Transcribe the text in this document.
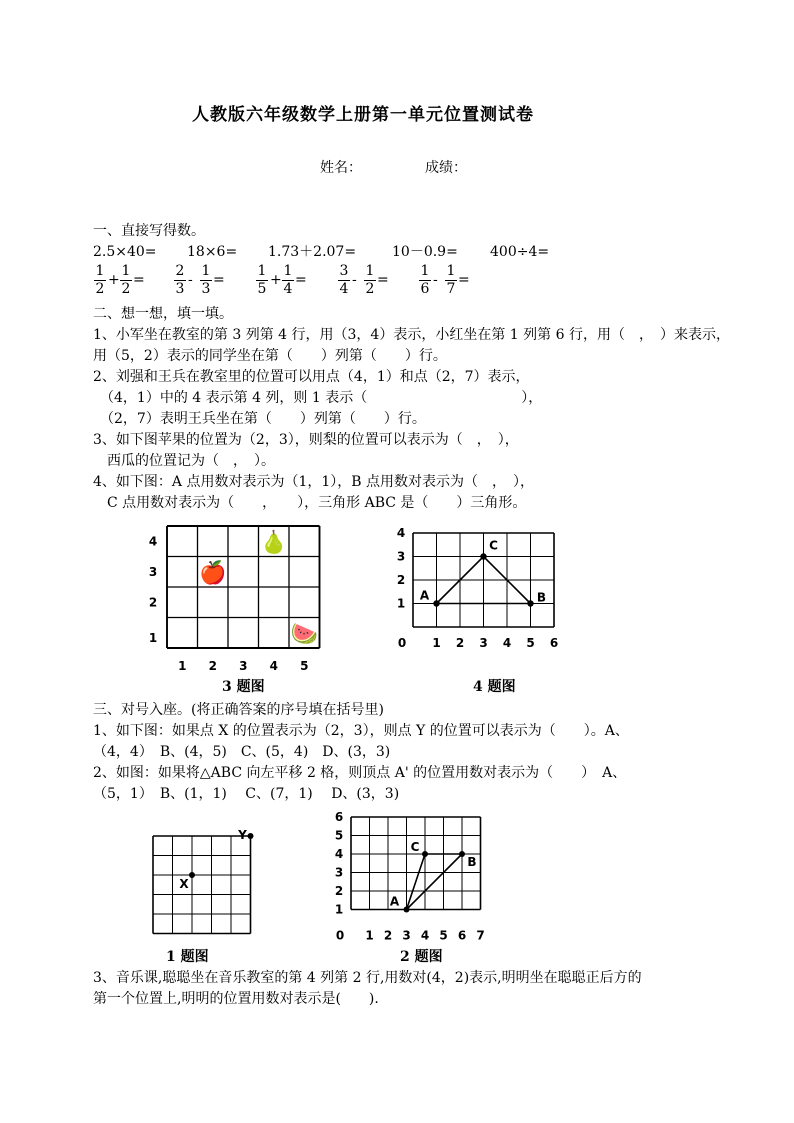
人教版六年级数学上册第一单元位置测试卷
姓名：	成绩：
一、直接写得数。
2.5×40= 18×6= 1.73＋2.07=	10－0.9= 400÷4=
1
2
+
1
2
=
2
3
-
1
3
=
1
5
+
1
4
=
3
4
-
1
2
=
1
6
-
1
7
=
二、想一想，填一填。
1、小军坐在教室的第 3 列第 4 行，用（3，4）表示，小红坐在第 1 列第 6 行，用（　，　）来表示，
用（5，2）表示的同学坐在第（　　）列第（　　）行。
2、刘强和王兵在教室里的位置可以用点（4，1）和点（2，7）表示，
（4，1）中的 4 表示第 4 列，则 1 表示（　　　　　　　　　　　），
（2，7）表明王兵坐在第（　　）列第（　　）行。
3、如下图苹果的位置为（2，3），则梨的位置可以表示为（　，　），
西瓜的位置记为（　，　）。
4、如下图：A 点用数对表示为（1，1），B 点用数对表示为（　，　），
C 点用数对表示为（　　，　　），三角形 ABC 是（　　）三角形。
1 2 3 4 5
1
2
3
4
🍎
🍐
🍉
3 题图
0 1 2 3 4 5 6
1
2
3
4
A	B
C
4 题图
三、对号入座。(将正确答案的序号填在括号里)
1、如下图：如果点 X 的位置表示为（2，3），则点 Y 的位置可以表示为（　　）。A、
（4，4）　B、(4，5)　C、(5，4)　D、(3，3)
2、如图：如果将△ABC 向左平移 2 格，则顶点 A' 的位置用数对表示为（　　）　A、
（5，1）　B、(1，1)　 C、(7，1)　 D、(3，3)
X
Y
1 题图
0 1 2 3 4 5 6 7
1
2
3
4
5
6
A
B
C
2 题图
3、音乐课,聪聪坐在音乐教室的第 4 列第 2 行,用数对(4，2)表示,明明坐在聪聪正后方的
第一个位置上,明明的位置用数对表示是(　　).
